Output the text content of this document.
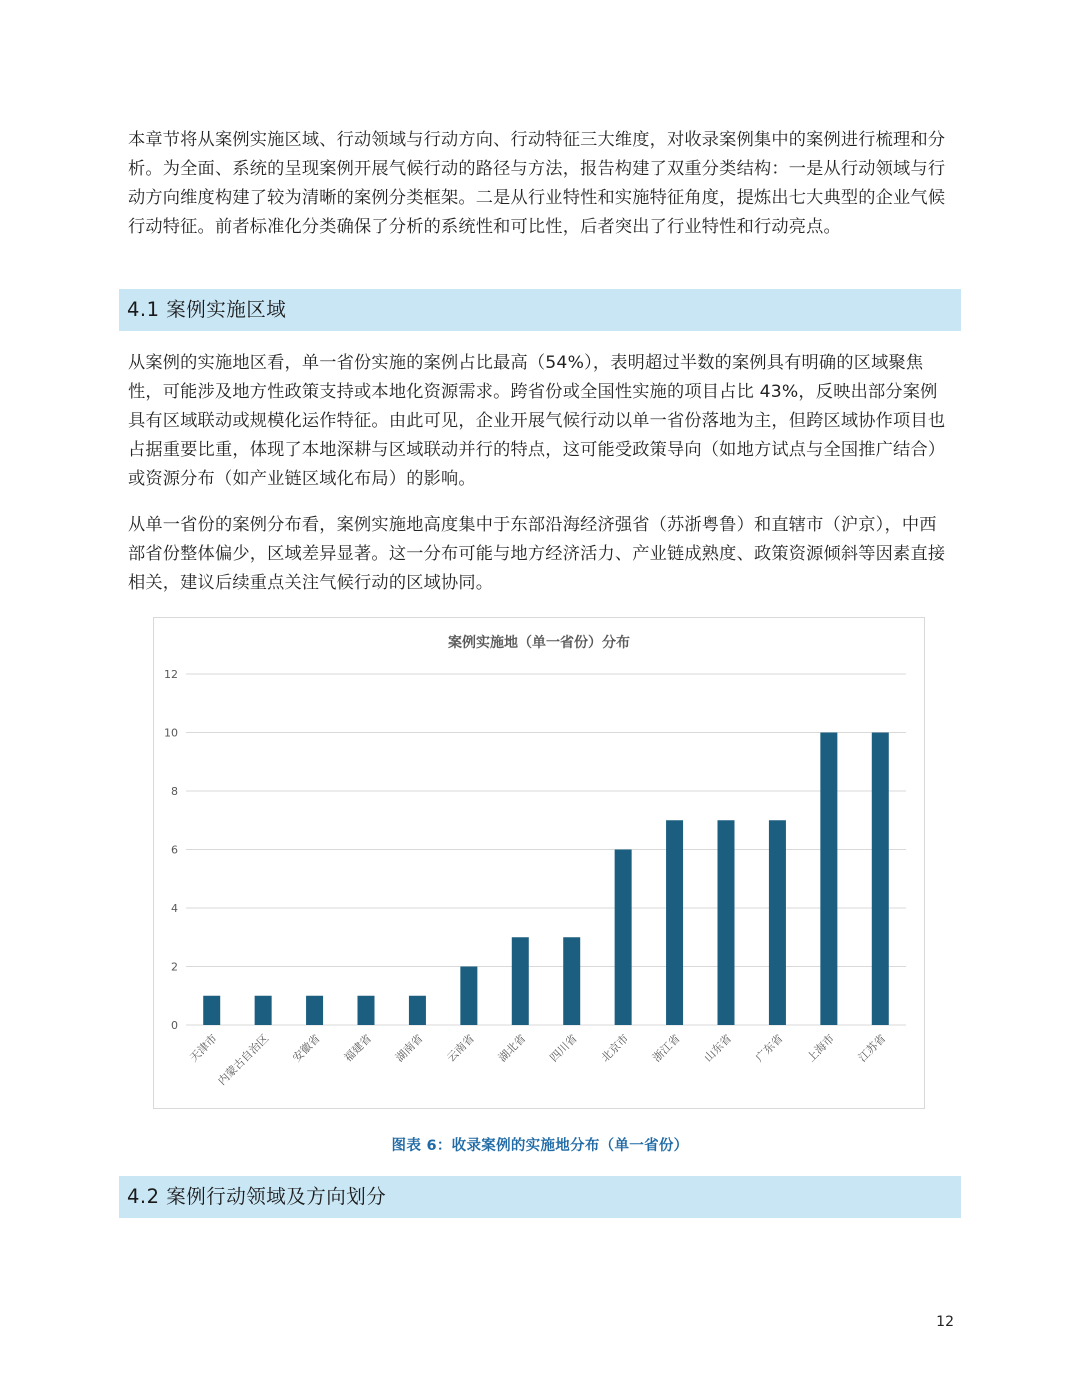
本章节将从案例实施区域、行动领域与行动方向、行动特征三大维度，对收录案例集中的案例进行梳理和分析。为全面、系统的呈现案例开展气候行动的路径与方法，报告构建了双重分类结构：一是从行动领域与行动方向维度构建了较为清晰的案例分类框架。二是从行业特性和实施特征角度，提炼出七大典型的企业气候行动特征。前者标准化分类确保了分析的系统性和可比性，后者突出了行业特性和行动亮点。

4.1 案例实施区域

从案例的实施地区看，单一省份实施的案例占比最高（54%），表明超过半数的案例具有明确的区域聚焦性，可能涉及地方性政策支持或本地化资源需求。跨省份或全国性实施的项目占比 43%，反映出部分案例具有区域联动或规模化运作特征。由此可见，企业开展气候行动以单一省份落地为主，但跨区域协作项目也占据重要比重，体现了本地深耕与区域联动并行的特点，这可能受政策导向（如地方试点与全国推广结合）或资源分布（如产业链区域化布局）的影响。

从单一省份的案例分布看，案例实施地高度集中于东部沿海经济强省（苏浙粤鲁）和直辖市（沪京），中西部省份整体偏少，区域差异显著。这一分布可能与地方经济活力、产业链成熟度、政策资源倾斜等因素直接相关，建议后续重点关注气候行动的区域协同。

案例实施地（单一省份）分布
0
2
4
6
8
10
12
天津市
内蒙古自治区 安徽省 福建省 湖南省 云南省 湖北省 四川省 北京市 浙江省 山东省 广东省 上海市 江苏省
图表 6：收录案例的实施地分布（单一省份）
4.2 案例行动领域及方向划分
12
